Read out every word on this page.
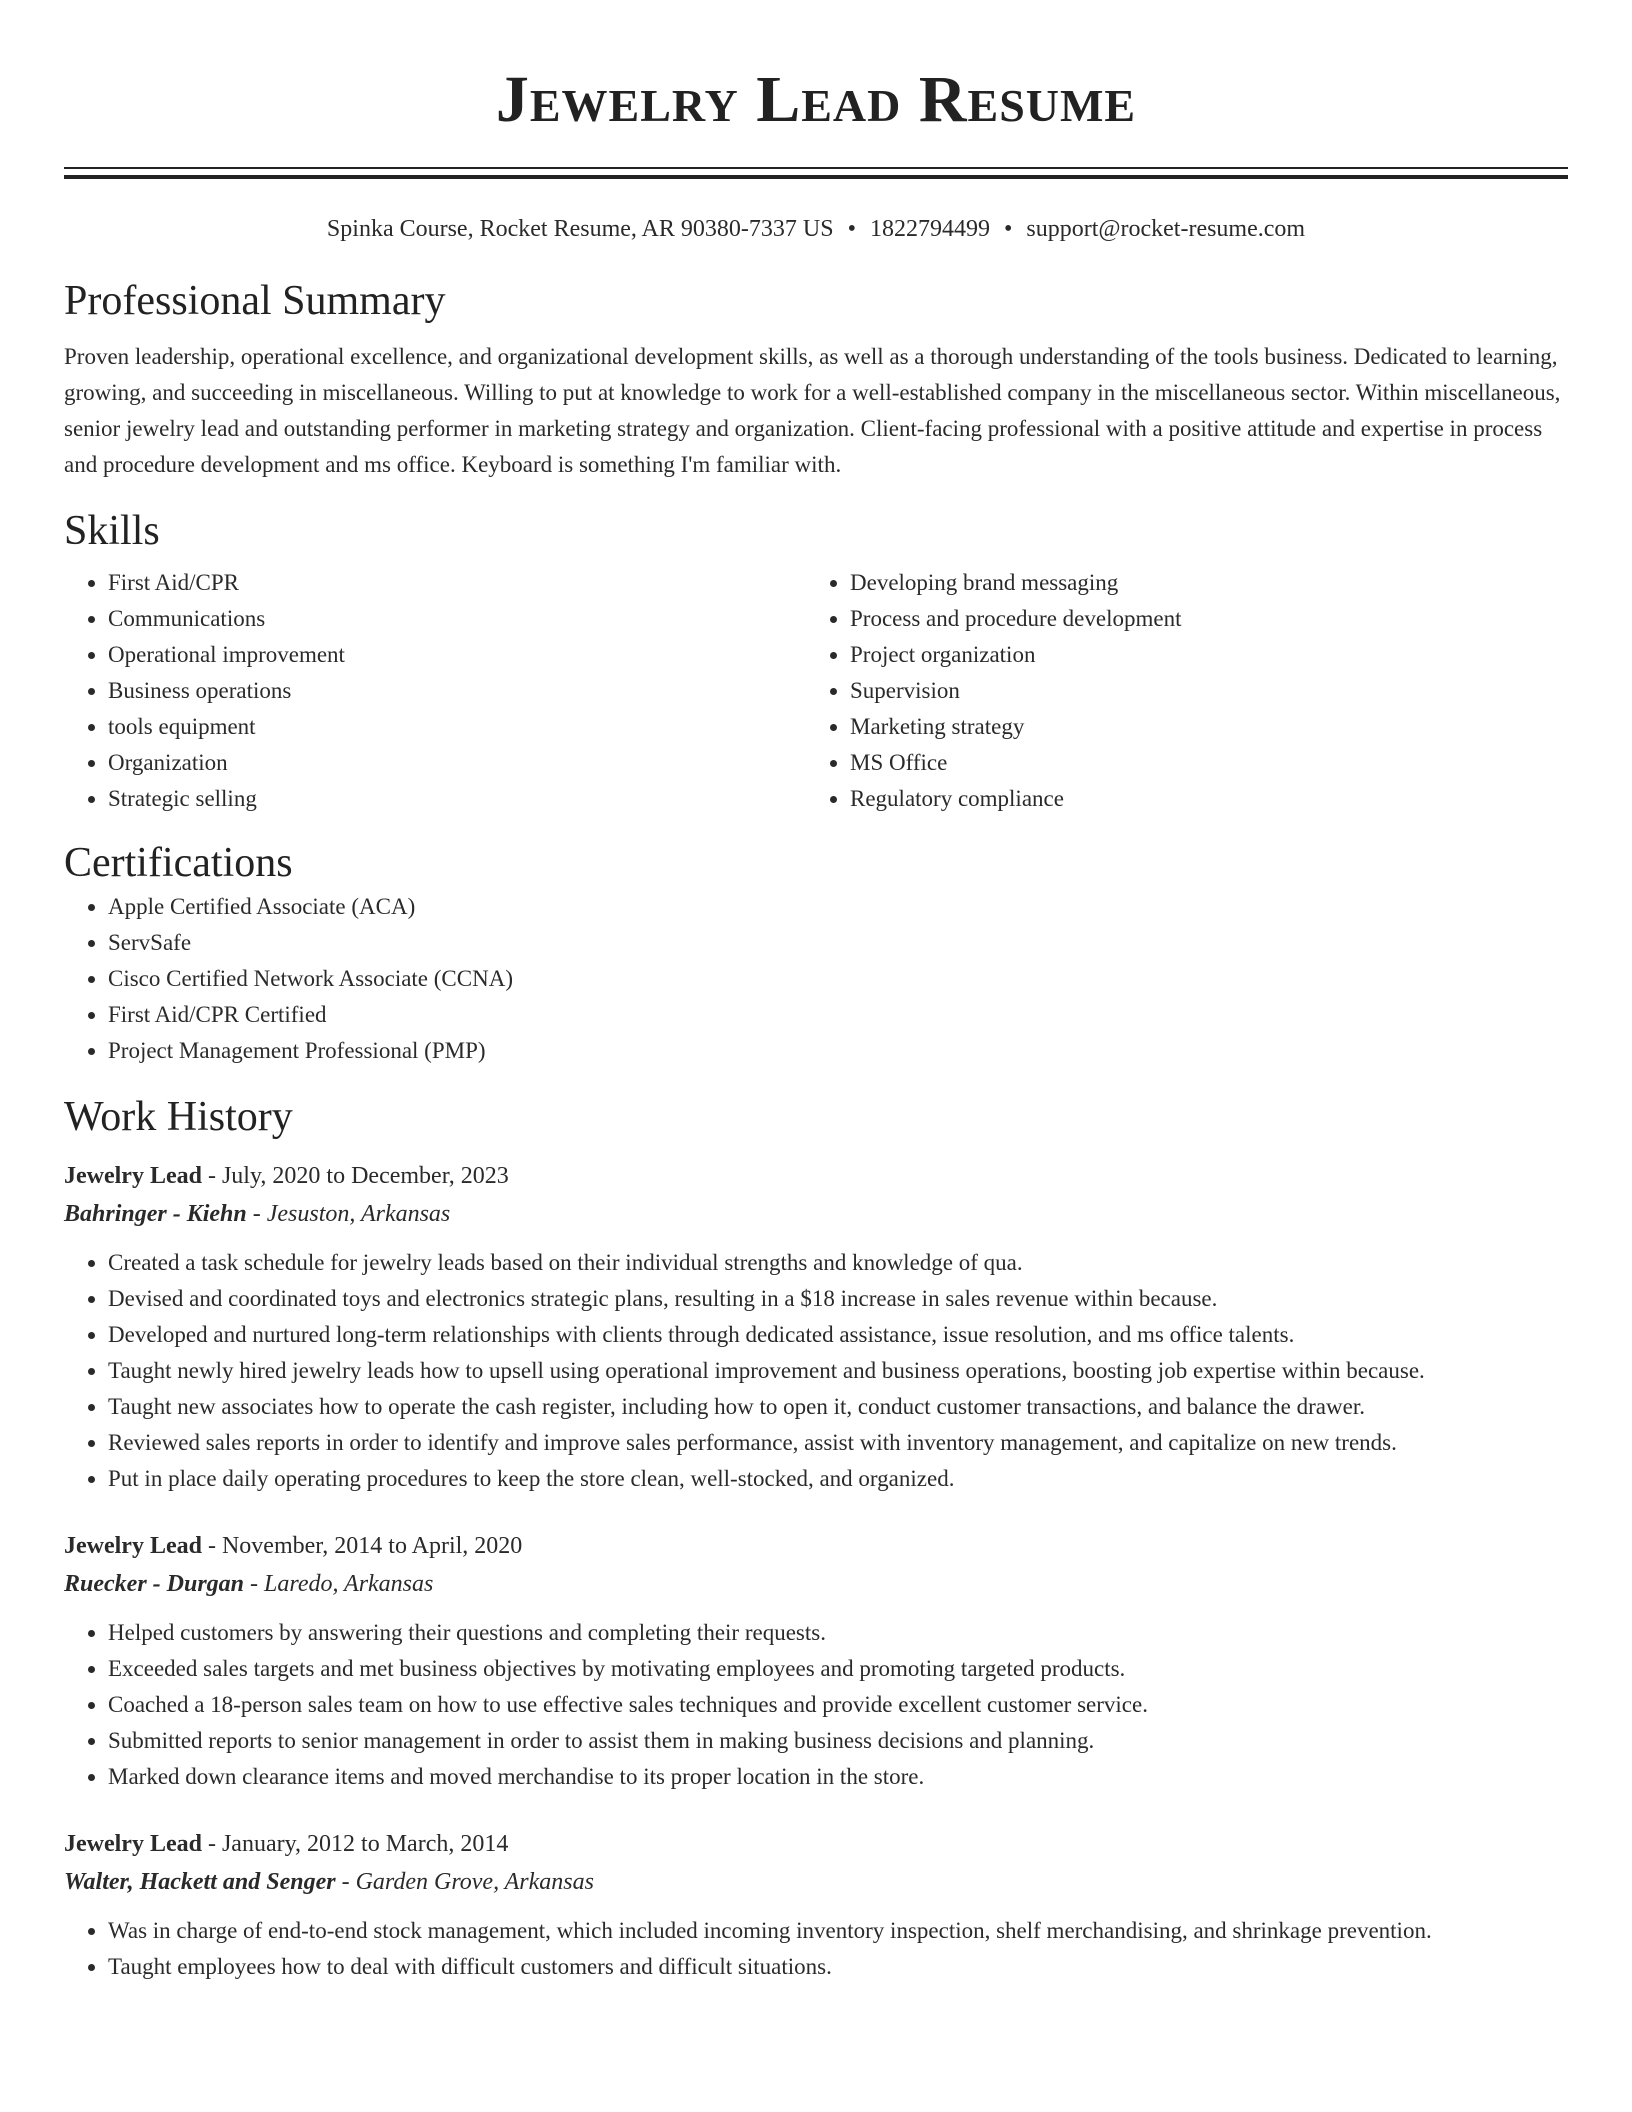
Jewelry Lead Resume
Spinka Course, Rocket Resume, AR 90380-7337 US • 1822794499 • support@rocket-resume.com
Professional Summary
Proven leadership, operational excellence, and organizational development skills, as well as a thorough understanding of the tools business. Dedicated to learning, growing, and succeeding in miscellaneous. Willing to put at knowledge to work for a well-established company in the miscellaneous sector. Within miscellaneous, senior jewelry lead and outstanding performer in marketing strategy and organization. Client-facing professional with a positive attitude and expertise in process and procedure development and ms office. Keyboard is something I'm familiar with.
Skills
• First Aid/CPR
• Communications
• Operational improvement
• Business operations
• tools equipment
• Organization
• Strategic selling
• Developing brand messaging
• Process and procedure development
• Project organization
• Supervision
• Marketing strategy
• MS Office
• Regulatory compliance
Certifications
• Apple Certified Associate (ACA)
• ServSafe
• Cisco Certified Network Associate (CCNA)
• First Aid/CPR Certified
• Project Management Professional (PMP)
Work History
Jewelry Lead - July, 2020 to December, 2023
Bahringer - Kiehn - Jesuston, Arkansas
• Created a task schedule for jewelry leads based on their individual strengths and knowledge of qua.
• Devised and coordinated toys and electronics strategic plans, resulting in a $18 increase in sales revenue within because.
• Developed and nurtured long-term relationships with clients through dedicated assistance, issue resolution, and ms office talents.
• Taught newly hired jewelry leads how to upsell using operational improvement and business operations, boosting job expertise within because.
• Taught new associates how to operate the cash register, including how to open it, conduct customer transactions, and balance the drawer.
• Reviewed sales reports in order to identify and improve sales performance, assist with inventory management, and capitalize on new trends.
• Put in place daily operating procedures to keep the store clean, well-stocked, and organized.
Jewelry Lead - November, 2014 to April, 2020
Ruecker - Durgan - Laredo, Arkansas
• Helped customers by answering their questions and completing their requests.
• Exceeded sales targets and met business objectives by motivating employees and promoting targeted products.
• Coached a 18-person sales team on how to use effective sales techniques and provide excellent customer service.
• Submitted reports to senior management in order to assist them in making business decisions and planning.
• Marked down clearance items and moved merchandise to its proper location in the store.
Jewelry Lead - January, 2012 to March, 2014
Walter, Hackett and Senger - Garden Grove, Arkansas
• Was in charge of end-to-end stock management, which included incoming inventory inspection, shelf merchandising, and shrinkage prevention.
• Taught employees how to deal with difficult customers and difficult situations.
